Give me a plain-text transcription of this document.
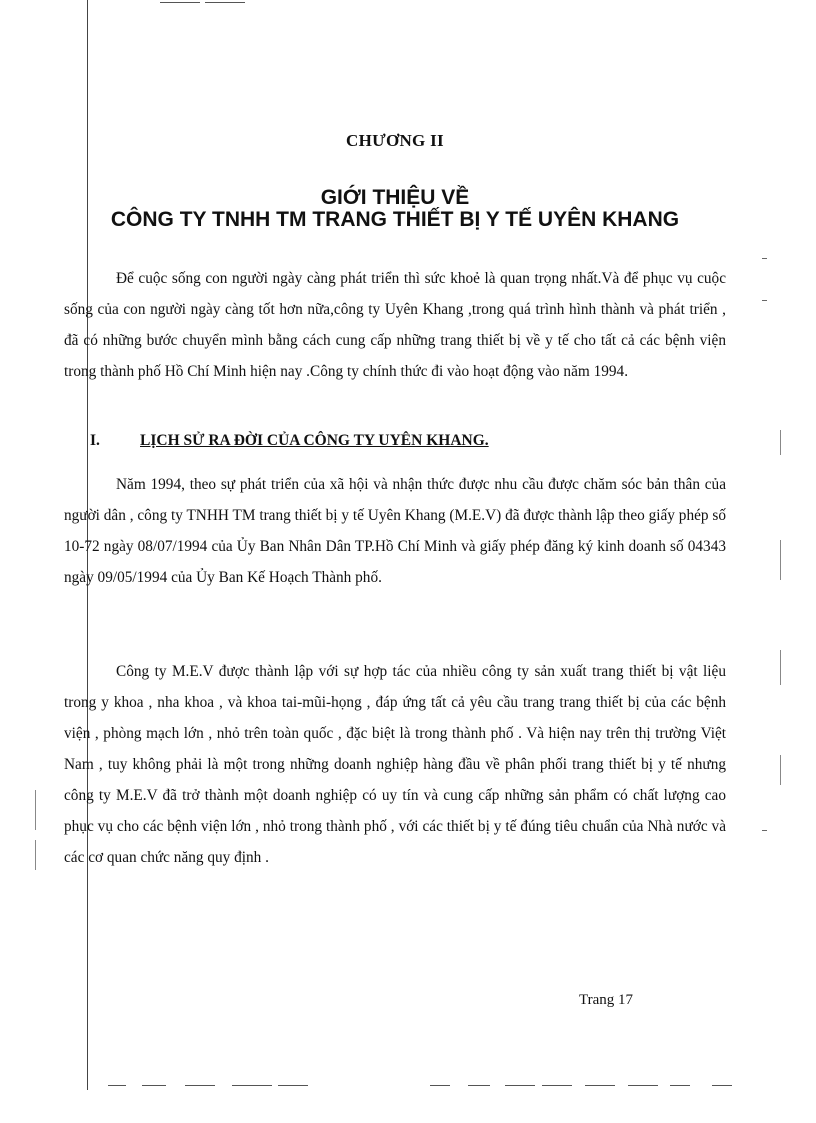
CHƯƠNG II
GIỚI THIỆU VỀ
CÔNG TY TNHH TM TRANG THIẾT BỊ Y TẾ UYÊN KHANG

Để cuộc sống con người ngày càng phát triển thì sức khoẻ là quan trọng nhất.Và để phục vụ cuộc sống của con người ngày càng tốt hơn nữa,công ty Uyên Khang ,trong quá trình hình thành và phát triển , đã có những bước chuyển mình bằng cách cung cấp những trang thiết bị về y tế cho tất cả các bệnh viện trong thành phố Hồ Chí Minh hiện nay .Công ty chính thức đi vào hoạt động vào năm 1994.

I.	LỊCH SỬ RA ĐỜI CỦA CÔNG TY UYÊN KHANG.

Năm 1994, theo sự phát triển của xã hội và nhận thức được nhu cầu được chăm sóc bản thân của người dân , công ty TNHH TM trang thiết bị y tế Uyên Khang (M.E.V) đã được thành lập theo giấy phép số 10-72 ngày 08/07/1994 của Ủy Ban Nhân Dân TP.Hồ Chí Minh và giấy phép đăng ký kinh doanh số 04343 ngày 09/05/1994 của Ủy Ban Kế Hoạch Thành phố.

Công ty M.E.V được thành lập với sự hợp tác của nhiều công ty sản xuất trang thiết bị vật liệu trong y khoa , nha khoa , và khoa tai-mũi-họng , đáp ứng tất cả yêu cầu trang trang thiết bị của các bệnh viện , phòng mạch lớn , nhỏ trên toàn quốc , đặc biệt là trong thành phố . Và hiện nay trên thị trường Việt Nam , tuy không phải là một trong những doanh nghiệp hàng đầu về phân phối trang thiết bị y tế nhưng công ty M.E.V đã trở thành một doanh nghiệp có uy tín và cung cấp những sản phẩm có chất lượng cao phục vụ cho các bệnh viện lớn , nhỏ trong thành phố , với các thiết bị y tế đúng tiêu chuẩn của Nhà nước và các cơ quan chức năng quy định .

Trang 17
